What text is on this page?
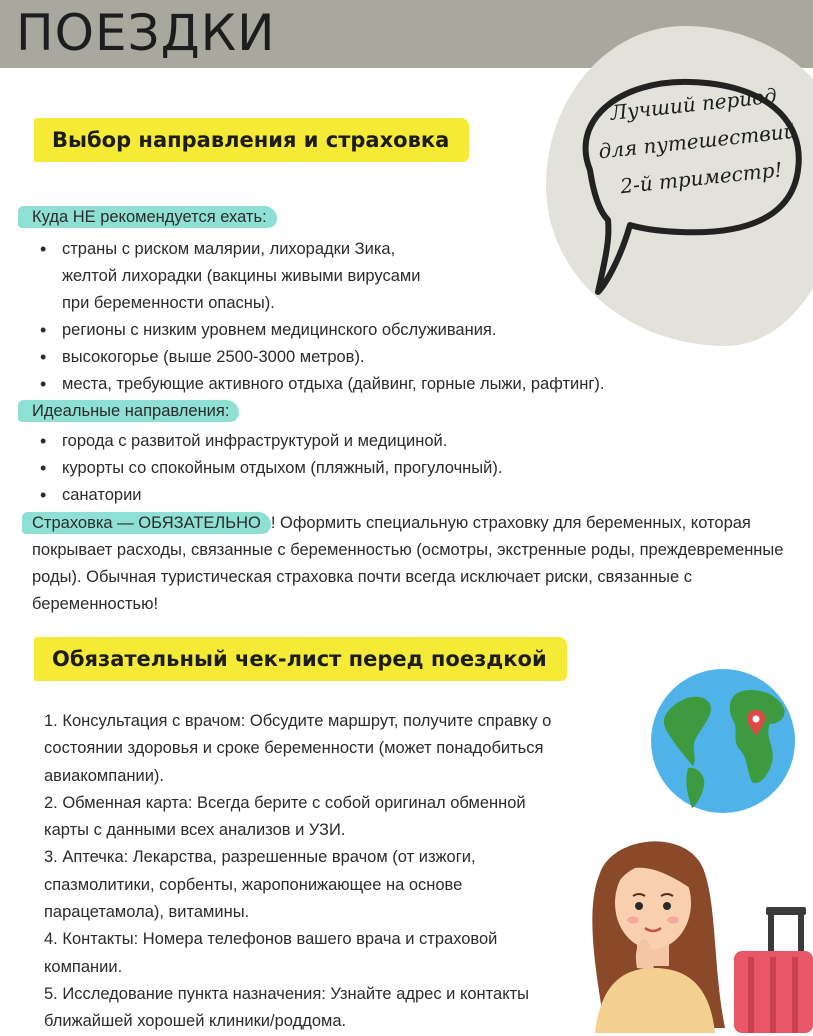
ПОЕЗДКИ
Лучший период
для путешествий
2-й триместр!
Выбор направления и страховка
Куда НЕ рекомендуется ехать:
• страны с риском малярии, лихорадки Зика,
желтой лихорадки (вакцины живыми вирусами
при беременности опасны).
• регионы с низким уровнем медицинского обслуживания.
• высокогорье (выше 2500-3000 метров).
• места, требующие активного отдыха (дайвинг, горные лыжи, рафтинг).
Идеальные направления:
• города с развитой инфраструктурой и медициной.
• курорты со спокойным отдыхом (пляжный, прогулочный).
• санатории
Страховка — ОБЯЗАТЕЛЬНО ! Оформить специальную страховку для беременных, которая покрывает расходы, связанные с беременностью (осмотры, экстренные роды, преждевременные роды). Обычная туристическая страховка почти всегда исключает риски, связанные с беременностью!
Обязательный чек-лист перед поездкой
1. Консультация с врачом: Обсудите маршрут, получите справку о состоянии здоровья и сроке беременности (может понадобиться авиакомпании).
2. Обменная карта: Всегда берите с собой оригинал обменной карты с данными всех анализов и УЗИ.
3. Аптечка: Лекарства, разрешенные врачом (от изжоги, спазмолитики, сорбенты, жаропонижающее на основе парацетамола), витамины.
4. Контакты: Номера телефонов вашего врача и страховой компании.
5. Исследование пункта назначения: Узнайте адрес и контакты ближайшей хорошей клиники/роддома.
